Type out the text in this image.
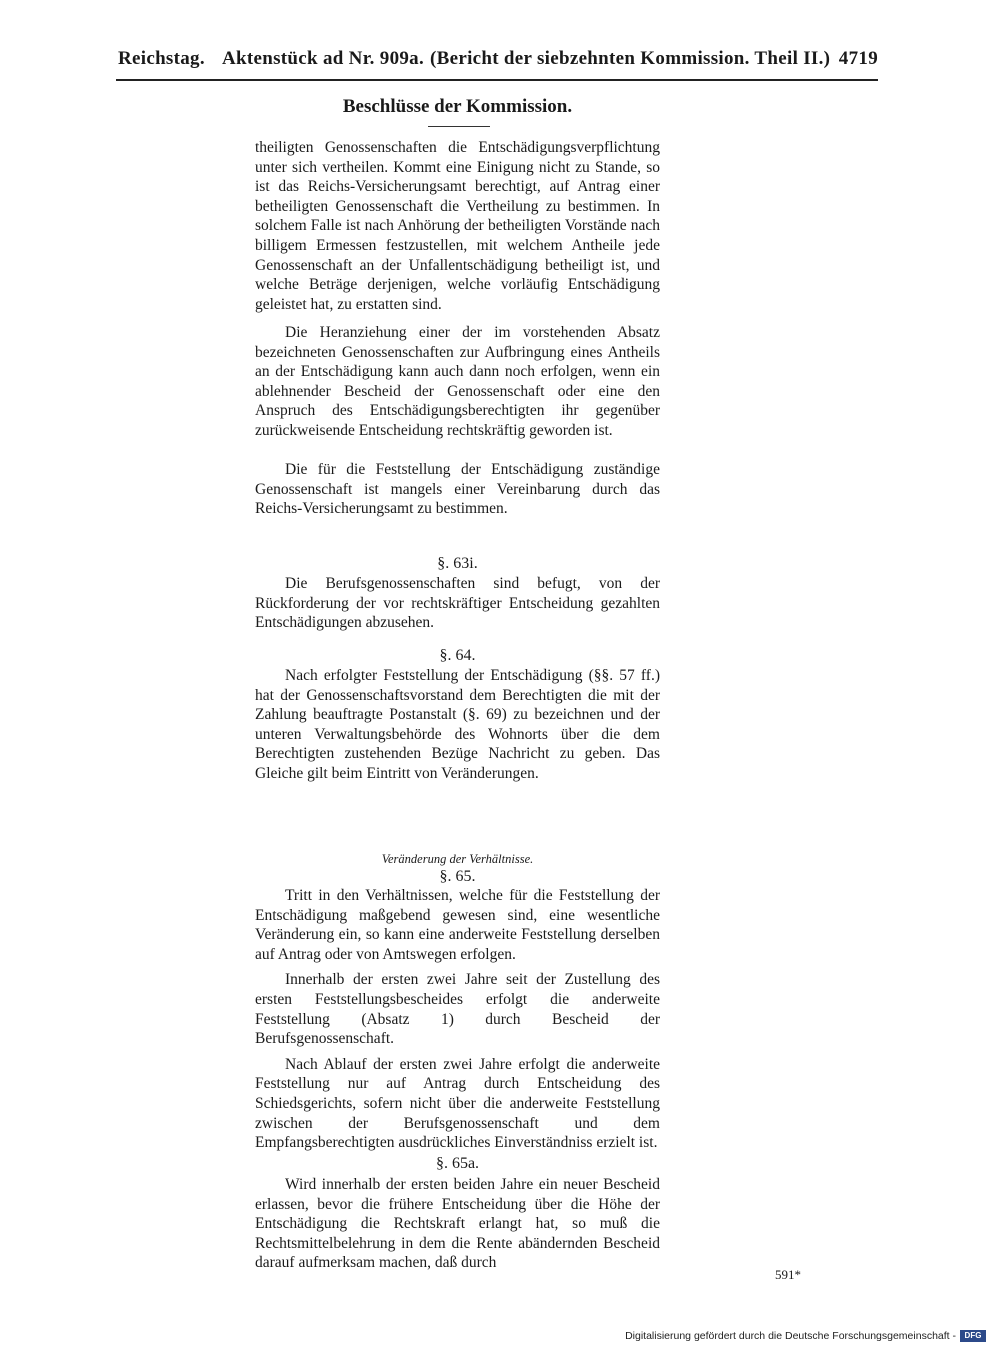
Reichstag. Aktenstück ad Nr. 909a. (Bericht der siebzehnten Kommission. Theil II.) 4719
Beschlüsse der Kommission.

theiligten Genossenschaften die Entschädigungsverpflichtung unter sich vertheilen. Kommt eine Einigung nicht zu Stande, so ist das Reichs-Versicherungsamt berechtigt, auf Antrag einer betheiligten Genossenschaft die Vertheilung zu bestimmen. In solchem Falle ist nach Anhörung der betheiligten Vorstände nach billigem Ermessen festzustellen, mit welchem Antheile jede Genossenschaft an der Unfallentschädigung betheiligt ist, und welche Beträge derjenigen, welche vorläufig Entschädigung geleistet hat, zu erstatten sind.

Die Heranziehung einer der im vorstehenden Absatz bezeichneten Genossenschaften zur Aufbringung eines Antheils an der Entschädigung kann auch dann noch erfolgen, wenn ein ablehnender Bescheid der Genossenschaft oder eine den Anspruch des Entschädigungsberechtigten ihr gegenüber zurückweisende Entscheidung rechtskräftig geworden ist.

Die für die Feststellung der Entschädigung zuständige Genossenschaft ist mangels einer Vereinbarung durch das Reichs-Versicherungsamt zu bestimmen.

§. 63i.

Die Berufsgenossenschaften sind befugt, von der Rückforderung der vor rechtskräftiger Entscheidung gezahlten Entschädigungen abzusehen.

§. 64.

Nach erfolgter Feststellung der Entschädigung (§§. 57 ff.) hat der Genossenschaftsvorstand dem Berechtigten die mit der Zahlung beauftragte Postanstalt (§. 69) zu bezeichnen und der unteren Verwaltungsbehörde des Wohnorts über die dem Berechtigten zustehenden Bezüge Nachricht zu geben. Das Gleiche gilt beim Eintritt von Veränderungen.

Veränderung der Verhältnisse.
§. 65.

Tritt in den Verhältnissen, welche für die Feststellung der Entschädigung maßgebend gewesen sind, eine wesentliche Veränderung ein, so kann eine anderweite Feststellung derselben auf Antrag oder von Amtswegen erfolgen.

Innerhalb der ersten zwei Jahre seit der Zustellung des ersten Feststellungsbescheides erfolgt die anderweite Feststellung (Absatz 1) durch Bescheid der Berufsgenossenschaft.

Nach Ablauf der ersten zwei Jahre erfolgt die anderweite Feststellung nur auf Antrag durch Entscheidung des Schiedsgerichts, sofern nicht über die anderweite Feststellung zwischen der Berufsgenossenschaft und dem Empfangsberechtigten ausdrückliches Einverständniss erzielt ist.

§. 65a.

Wird innerhalb der ersten beiden Jahre ein neuer Bescheid erlassen, bevor die frühere Entscheidung über die Höhe der Entschädigung die Rechtskraft erlangt hat, so muß die Rechtsmittelbelehrung in dem die Rente abändernden Bescheid darauf aufmerksam machen, daß durch

591*
Digitalisierung gefördert durch die Deutsche Forschungsgemeinschaft -	DFG
